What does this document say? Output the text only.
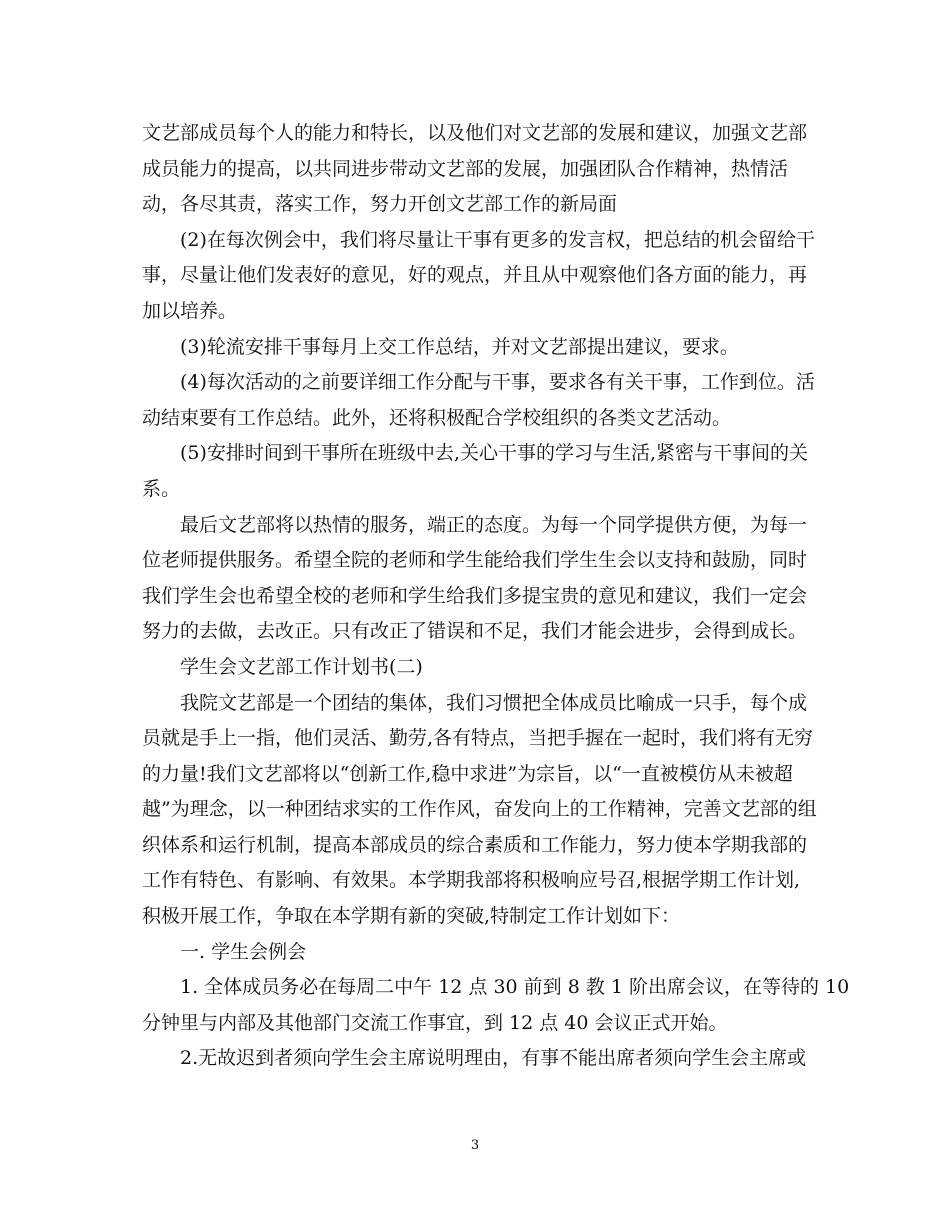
文艺部成员每个人的能力和特长，以及他们对文艺部的发展和建议，加强文艺部
成员能力的提高，以共同进步带动文艺部的发展，加强团队合作精神，热情活
动，各尽其责，落实工作，努力开创文艺部工作的新局面
(2)在每次例会中，我们将尽量让干事有更多的发言权，把总结的机会留给干
事，尽量让他们发表好的意见，好的观点，并且从中观察他们各方面的能力，再
加以培养。
(3)轮流安排干事每月上交工作总结，并对文艺部提出建议，要求。
(4)每次活动的之前要详细工作分配与干事，要求各有关干事，工作到位。活
动结束要有工作总结。此外，还将积极配合学校组织的各类文艺活动。
(5)安排时间到干事所在班级中去,关心干事的学习与生活,紧密与干事间的关
系。
最后文艺部将以热情的服务，端正的态度。为每一个同学提供方便，为每一
位老师提供服务。希望全院的老师和学生能给我们学生生会以支持和鼓励，同时
我们学生会也希望全校的老师和学生给我们多提宝贵的意见和建议，我们一定会
努力的去做，去改正。只有改正了错误和不足，我们才能会进步，会得到成长。
学生会文艺部工作计划书(二)
我院文艺部是一个团结的集体，我们习惯把全体成员比喻成一只手，每个成
员就是手上一指，他们灵活、勤劳,各有特点，当把手握在一起时，我们将有无穷
的力量!我们文艺部将以“创新工作,稳中求进”为宗旨，以“一直被模仿从未被超
越”为理念，以一种团结求实的工作作风，奋发向上的工作精神，完善文艺部的组
织体系和运行机制，提高本部成员的综合素质和工作能力，努力使本学期我部的
工作有特色、有影响、有效果。本学期我部将积极响应号召,根据学期工作计划,
积极开展工作，争取在本学期有新的突破,特制定工作计划如下：
一. 学生会例会
1. 全体成员务必在每周二中午 12 点 30 前到 8 教 1 阶出席会议，在等待的 10
分钟里与内部及其他部门交流工作事宜，到 12 点 40 会议正式开始。
2.无故迟到者须向学生会主席说明理由，有事不能出席者须向学生会主席或
3
